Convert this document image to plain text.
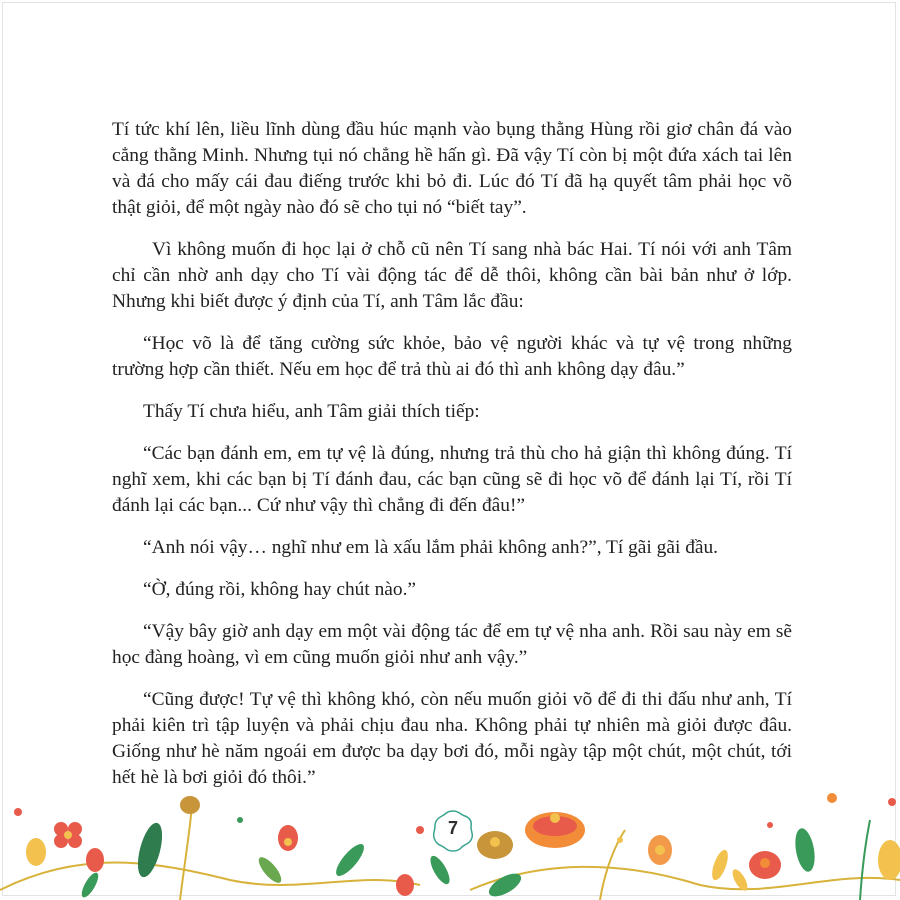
Tí tức khí lên, liều lĩnh dùng đầu húc mạnh vào bụng thằng Hùng rồi giơ chân đá vào cẳng thằng Minh. Nhưng tụi nó chẳng hề hấn gì. Đã vậy Tí còn bị một đứa xách tai lên và đá cho mấy cái đau điếng trước khi bỏ đi. Lúc đó Tí đã hạ quyết tâm phải học võ thật giỏi, để một ngày nào đó sẽ cho tụi nó “biết tay”.

Vì không muốn đi học lại ở chỗ cũ nên Tí sang nhà bác Hai. Tí nói với anh Tâm chỉ cần nhờ anh dạy cho Tí vài động tác để dễ thôi, không cần bài bản như ở lớp. Nhưng khi biết được ý định của Tí, anh Tâm lắc đầu:

“Học võ là để tăng cường sức khỏe, bảo vệ người khác và tự vệ trong những trường hợp cần thiết. Nếu em học để trả thù ai đó thì anh không dạy đâu.”

Thấy Tí chưa hiểu, anh Tâm giải thích tiếp:

“Các bạn đánh em, em tự vệ là đúng, nhưng trả thù cho hả giận thì không đúng. Tí nghĩ xem, khi các bạn bị Tí đánh đau, các bạn cũng sẽ đi học võ để đánh lại Tí, rồi Tí đánh lại các bạn... Cứ như vậy thì chẳng đi đến đâu!”

“Anh nói vậy… nghĩ như em là xấu lắm phải không anh?”, Tí gãi gãi đầu.

“Ờ, đúng rồi, không hay chút nào.”

“Vậy bây giờ anh dạy em một vài động tác để em tự vệ nha anh. Rồi sau này em sẽ học đàng hoàng, vì em cũng muốn giỏi như anh vậy.”

“Cũng được! Tự vệ thì không khó, còn nếu muốn giỏi võ để đi thi đấu như anh, Tí phải kiên trì tập luyện và phải chịu đau nha. Không phải tự nhiên mà giỏi được đâu. Giống như hè năm ngoái em được ba dạy bơi đó, mỗi ngày tập một chút, một chút, tới hết hè là bơi giỏi đó thôi.”

7
